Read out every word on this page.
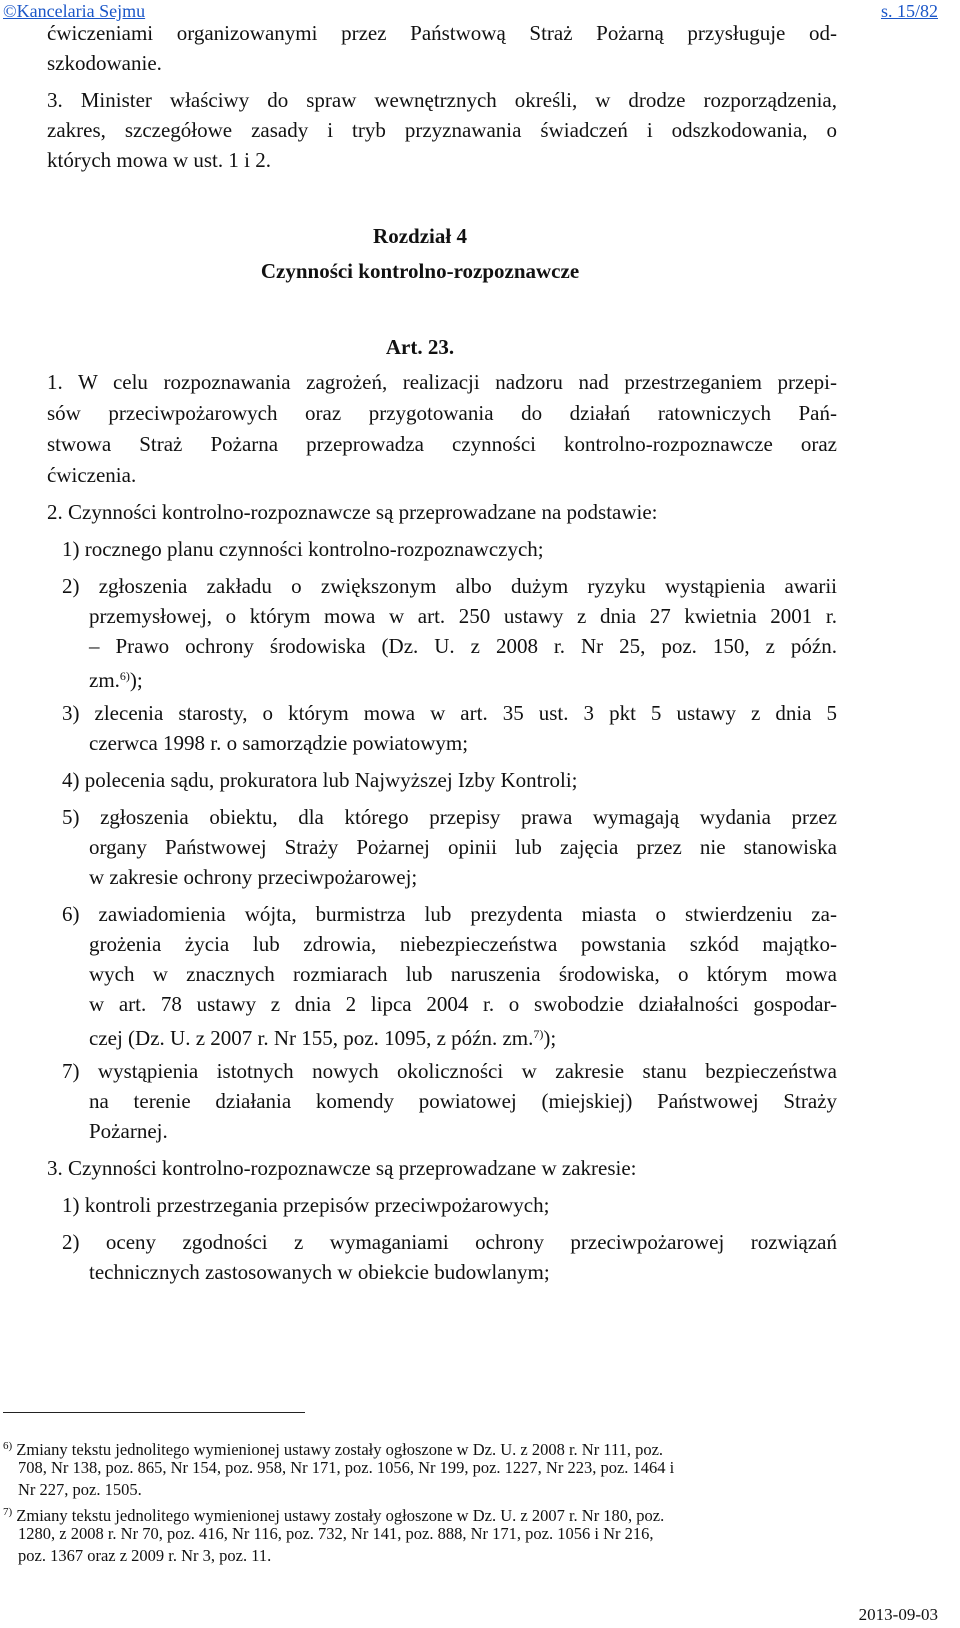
©Kancelaria Sejmu	s. 15/82
ćwiczeniami organizowanymi przez Państwową Straż Pożarną przysługuje od-
szkodowanie.
3. Minister właściwy do spraw wewnętrznych określi, w drodze rozporządzenia,
zakres, szczegółowe zasady i tryb przyznawania świadczeń i odszkodowania, o
których mowa w ust. 1 i 2.
Rozdział 4
Czynności kontrolno-rozpoznawcze
Art. 23.
1. W celu rozpoznawania zagrożeń, realizacji nadzoru nad przestrzeganiem przepi-
sów przeciwpożarowych oraz przygotowania do działań ratowniczych Pań-
stwowa Straż Pożarna przeprowadza czynności kontrolno-rozpoznawcze oraz
ćwiczenia.
2. Czynności kontrolno-rozpoznawcze są przeprowadzane na podstawie:
1) rocznego planu czynności kontrolno-rozpoznawczych;
2) zgłoszenia zakładu o zwiększonym albo dużym ryzyku wystąpienia awarii
przemysłowej, o którym mowa w art. 250 ustawy z dnia 27 kwietnia 2001 r.
– Prawo ochrony środowiska (Dz. U. z 2008 r. Nr 25, poz. 150, z późn.
zm.$^{6)}$);
3) zlecenia starosty, o którym mowa w art. 35 ust. 3 pkt 5 ustawy z dnia 5
czerwca 1998 r. o samorządzie powiatowym;
4) polecenia sądu, prokuratora lub Najwyższej Izby Kontroli;
5) zgłoszenia obiektu, dla którego przepisy prawa wymagają wydania przez
organy Państwowej Straży Pożarnej opinii lub zajęcia przez nie stanowiska
w zakresie ochrony przeciwpożarowej;
6) zawiadomienia wójta, burmistrza lub prezydenta miasta o stwierdzeniu za-
grożenia życia lub zdrowia, niebezpieczeństwa powstania szkód majątko-
wych w znacznych rozmiarach lub naruszenia środowiska, o którym mowa
w art. 78 ustawy z dnia 2 lipca 2004 r. o swobodzie działalności gospodar-
czej (Dz. U. z 2007 r. Nr 155, poz. 1095, z późn. zm.$^{7)}$);
7) wystąpienia istotnych nowych okoliczności w zakresie stanu bezpieczeństwa
na terenie działania komendy powiatowej (miejskiej) Państwowej Straży
Pożarnej.
3. Czynności kontrolno-rozpoznawcze są przeprowadzane w zakresie:
1) kontroli przestrzegania przepisów przeciwpożarowych;
2) oceny zgodności z wymaganiami ochrony przeciwpożarowej rozwiązań
technicznych zastosowanych w obiekcie budowlanym;
$^{6)}$ Zmiany tekstu jednolitego wymienionej ustawy zostały ogłoszone w Dz. U. z 2008 r. Nr 111, poz.
708, Nr 138, poz. 865, Nr 154, poz. 958, Nr 171, poz. 1056, Nr 199, poz. 1227, Nr 223, poz. 1464 i
Nr 227, poz. 1505.
$^{7)}$ Zmiany tekstu jednolitego wymienionej ustawy zostały ogłoszone w Dz. U. z 2007 r. Nr 180, poz.
1280, z 2008 r. Nr 70, poz. 416, Nr 116, poz. 732, Nr 141, poz. 888, Nr 171, poz. 1056 i Nr 216,
poz. 1367 oraz z 2009 r. Nr 3, poz. 11.
2013-09-03
